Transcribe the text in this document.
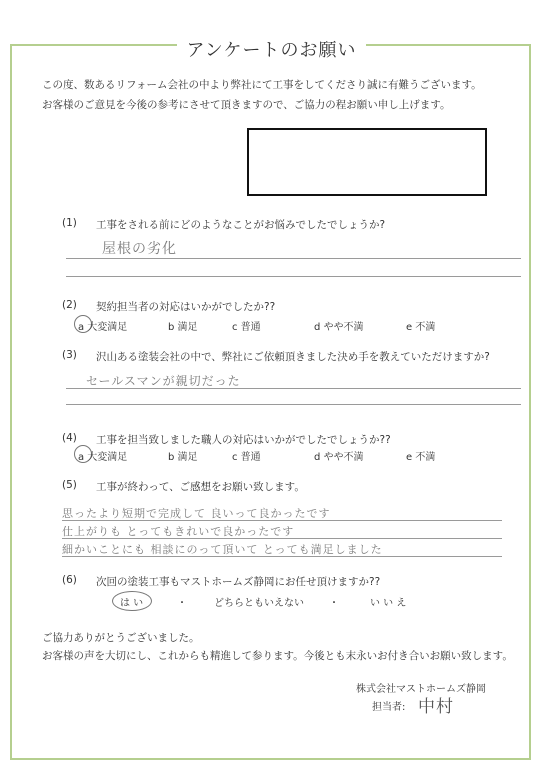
アンケートのお願い
この度、数あるリフォーム会社の中より弊社にて工事をしてくださり誠に有難うございます。
お客様のご意見を今後の参考にさせて頂きますので、ご協力の程お願い申し上げます。
(1) 工事をされる前にどのようなことがお悩みでしたでしょうか?
屋根の劣化
(2) 契約担当者の対応はいかがでしたか??
a 大変満足	b 満足	c 普通	d やや不満	e 不満
(3) 沢山ある塗装会社の中で、弊社にご依頼頂きました決め手を教えていただけますか?
セールスマンが親切だった
(4) 工事を担当致しました職人の対応はいかがでしたでしょうか??
a 大変満足	b 満足	c 普通	d やや不満	e 不満
(5) 工事が終わって、ご感想をお願い致します。
思ったより短期で完成して 良いって良かったです
仕上がりも とってもきれいで良かったです
細かいことにも 相談にのって頂いて とっても満足しました
(6) 次回の塗装工事もマストホームズ静岡にお任せ頂けますか??
は い	・	どちらともいえない	・	い い え
ご協力ありがとうございました。
お客様の声を大切にし、これからも精進して参ります。今後とも末永いお付き合いお願い致します。
株式会社マストホームズ静岡
担当者: 中村
